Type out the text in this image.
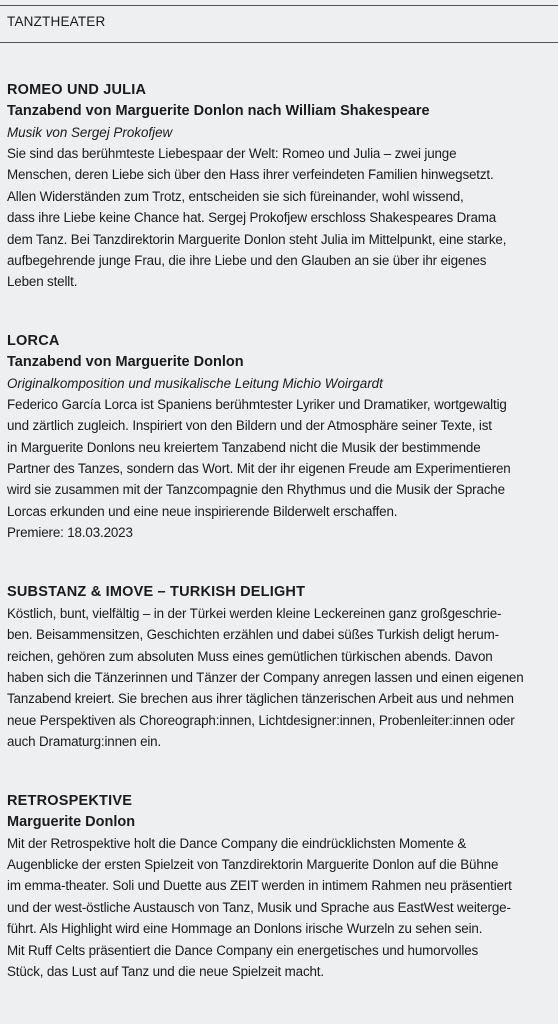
TANZTHEATER
ROMEO UND JULIA
Tanzabend von Marguerite Donlon nach William Shakespeare
Musik von Sergej Prokofjew
Sie sind das berühmteste Liebespaar der Welt: Romeo und Julia – zwei junge
Menschen, deren Liebe sich über den Hass ihrer verfeindeten Familien hinwegsetzt.
Allen Widerständen zum Trotz, entscheiden sie sich füreinander, wohl wissend,
dass ihre Liebe keine Chance hat. Sergej Prokofjew erschloss Shakespeares Drama
dem Tanz. Bei Tanzdirektorin Marguerite Donlon steht Julia im Mittelpunkt, eine starke,
aufbegehrende junge Frau, die ihre Liebe und den Glauben an sie über ihr eigenes
Leben stellt.
LORCA
Tanzabend von Marguerite Donlon
Originalkomposition und musikalische Leitung Michio Woirgardt
Federico García Lorca ist Spaniens berühmtester Lyriker und Dramatiker, wortgewaltig
und zärtlich zugleich. Inspiriert von den Bildern und der Atmosphäre seiner Texte, ist
in Marguerite Donlons neu kreiertem Tanzabend nicht die Musik der bestimmende
Partner des Tanzes, sondern das Wort. Mit der ihr eigenen Freude am Experimentieren
wird sie zusammen mit der Tanzcompagnie den Rhythmus und die Musik der Sprache
Lorcas erkunden und eine neue inspirierende Bilderwelt erschaffen.
Premiere: 18.03.2023
SUBSTANZ & IMOVE – TURKISH DELIGHT
Köstlich, bunt, vielfältig – in der Türkei werden kleine Leckereinen ganz großgeschrie-
ben. Beisammensitzen, Geschichten erzählen und dabei süßes Turkish deligt herum-
reichen, gehören zum absoluten Muss eines gemütlichen türkischen abends. Davon
haben sich die Tänzerinnen und Tänzer der Company anregen lassen und einen eigenen
Tanzabend kreiert. Sie brechen aus ihrer täglichen tänzerischen Arbeit aus und nehmen
neue Perspektiven als Choreograph:innen, Lichtdesigner:innen, Probenleiter:innen oder
auch Dramaturg:innen ein.
RETROSPEKTIVE
Marguerite Donlon
Mit der Retrospektive holt die Dance Company die eindrücklichsten Momente &
Augenblicke der ersten Spielzeit von Tanzdirektorin Marguerite Donlon auf die Bühne
im emma-theater. Soli und Duette aus ZEIT werden in intimem Rahmen neu präsentiert
und der west-östliche Austausch von Tanz, Musik und Sprache aus EastWest weiterge-
führt. Als Highlight wird eine Hommage an Donlons irische Wurzeln zu sehen sein.
Mit Ruff Celts präsentiert die Dance Company ein energetisches und humorvolles
Stück, das Lust auf Tanz und die neue Spielzeit macht.
